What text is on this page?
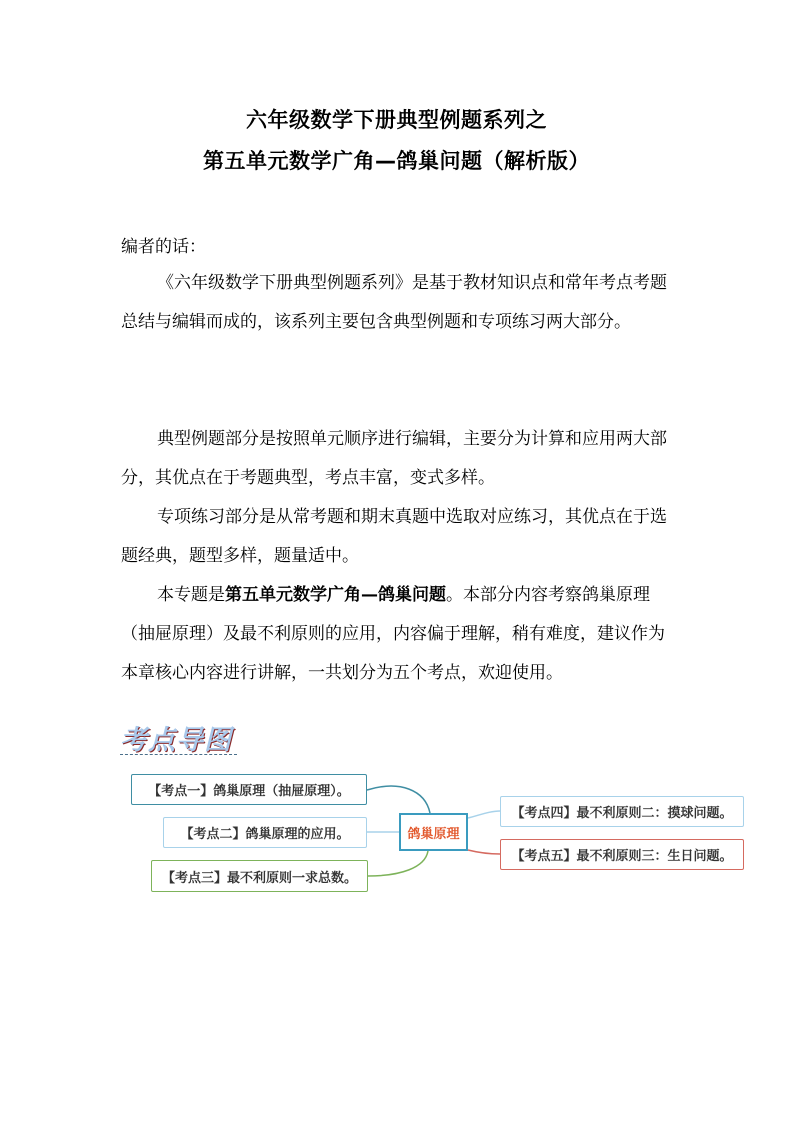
六年级数学下册典型例题系列之
第五单元数学广角—鸽巢问题（解析版）

编者的话：

《六年级数学下册典型例题系列》是基于教材知识点和常年考点考题总结与编辑而成的，该系列主要包含典型例题和专项练习两大部分。

典型例题部分是按照单元顺序进行编辑，主要分为计算和应用两大部分，其优点在于考题典型，考点丰富，变式多样。

专项练习部分是从常考题和期末真题中选取对应练习，其优点在于选题经典，题型多样，题量适中。

本专题是第五单元数学广角—鸽巢问题。本部分内容考察鸽巢原理（抽屉原理）及最不利原则的应用，内容偏于理解，稍有难度，建议作为本章核心内容进行讲解，一共划分为五个考点，欢迎使用。

考点导图
【考点一】鸽巢原理（抽屉原理）。
【考点二】鸽巢原理的应用。
【考点三】最不利原则一求总数。
鸽巢原理
【考点四】最不利原则二：摸球问题。
【考点五】最不利原则三：生日问题。
